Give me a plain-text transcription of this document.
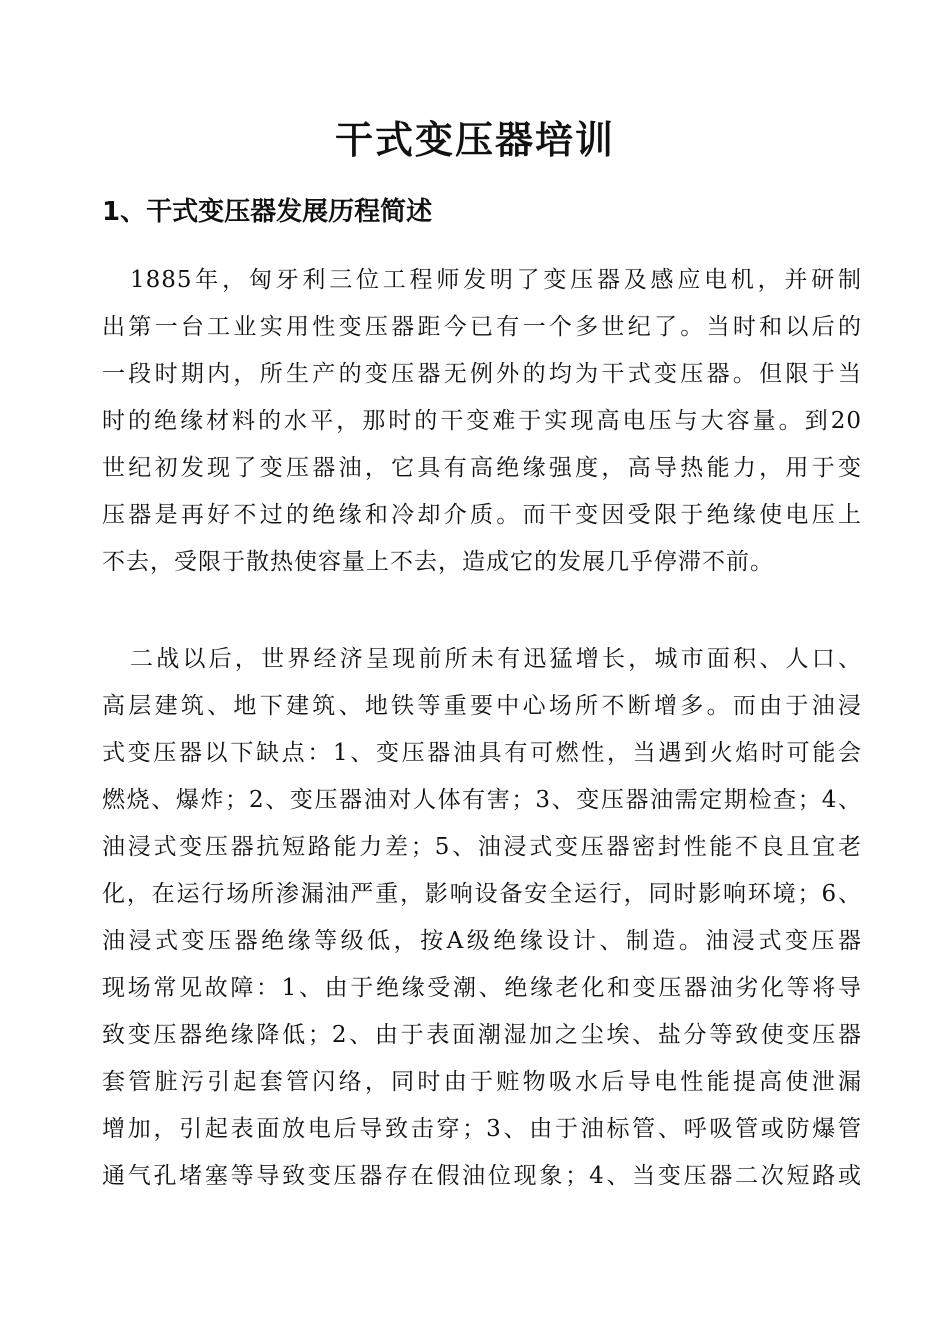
干式变压器培训
1、干式变压器发展历程简述
1885年，匈牙利三位工程师发明了变压器及感应电机，并研制
出第一台工业实用性变压器距今已有一个多世纪了。当时和以后的
一段时期内，所生产的变压器无例外的均为干式变压器。但限于当
时的绝缘材料的水平，那时的干变难于实现高电压与大容量。到20
世纪初发现了变压器油，它具有高绝缘强度，高导热能力，用于变
压器是再好不过的绝缘和冷却介质。而干变因受限于绝缘使电压上
不去，受限于散热使容量上不去，造成它的发展几乎停滞不前。
二战以后，世界经济呈现前所未有迅猛增长，城市面积、人口、
高层建筑、地下建筑、地铁等重要中心场所不断增多。而由于油浸
式变压器以下缺点：1、变压器油具有可燃性，当遇到火焰时可能会
燃烧、爆炸；2、变压器油对人体有害；3、变压器油需定期检查；4、
油浸式变压器抗短路能力差；5、油浸式变压器密封性能不良且宜老
化，在运行场所渗漏油严重，影响设备安全运行，同时影响环境；6、
油浸式变压器绝缘等级低，按A级绝缘设计、制造。油浸式变压器
现场常见故障：1、由于绝缘受潮、绝缘老化和变压器油劣化等将导
致变压器绝缘降低；2、由于表面潮湿加之尘埃、盐分等致使变压器
套管脏污引起套管闪络，同时由于赃物吸水后导电性能提高使泄漏
增加，引起表面放电后导致击穿；3、由于油标管、呼吸管或防爆管
通气孔堵塞等导致变压器存在假油位现象；4、当变压器二次短路或
